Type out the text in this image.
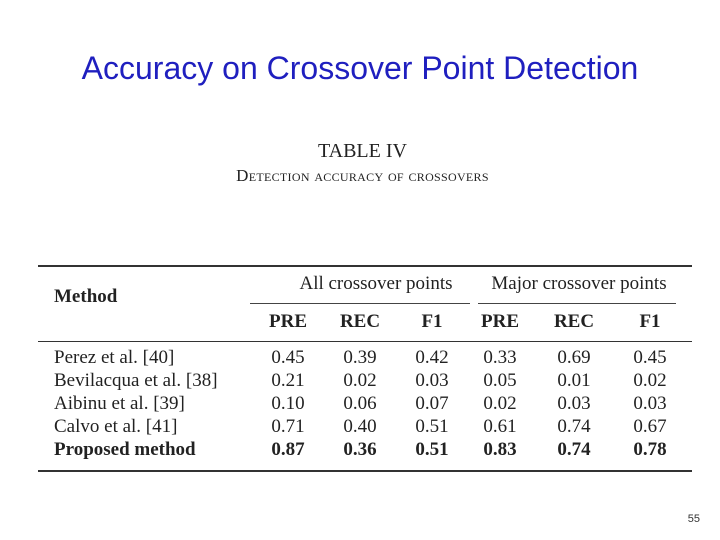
Accuracy on Crossover Point Detection
TABLE IV
Detection accuracy of crossovers
Method
All crossover points	Major crossover points
PRE	REC	F1	PRE	REC	F1
Perez et al. [40]	0.45	0.39	0.42	0.33	0.69	0.45
Bevilacqua et al. [38]	0.21	0.02	0.03	0.05	0.01	0.02
Aibinu et al. [39]	0.10	0.06	0.07	0.02	0.03	0.03
Calvo et al. [41]	0.71	0.40	0.51	0.61	0.74	0.67
Proposed method	0.87	0.36	0.51	0.83	0.74	0.78
55
